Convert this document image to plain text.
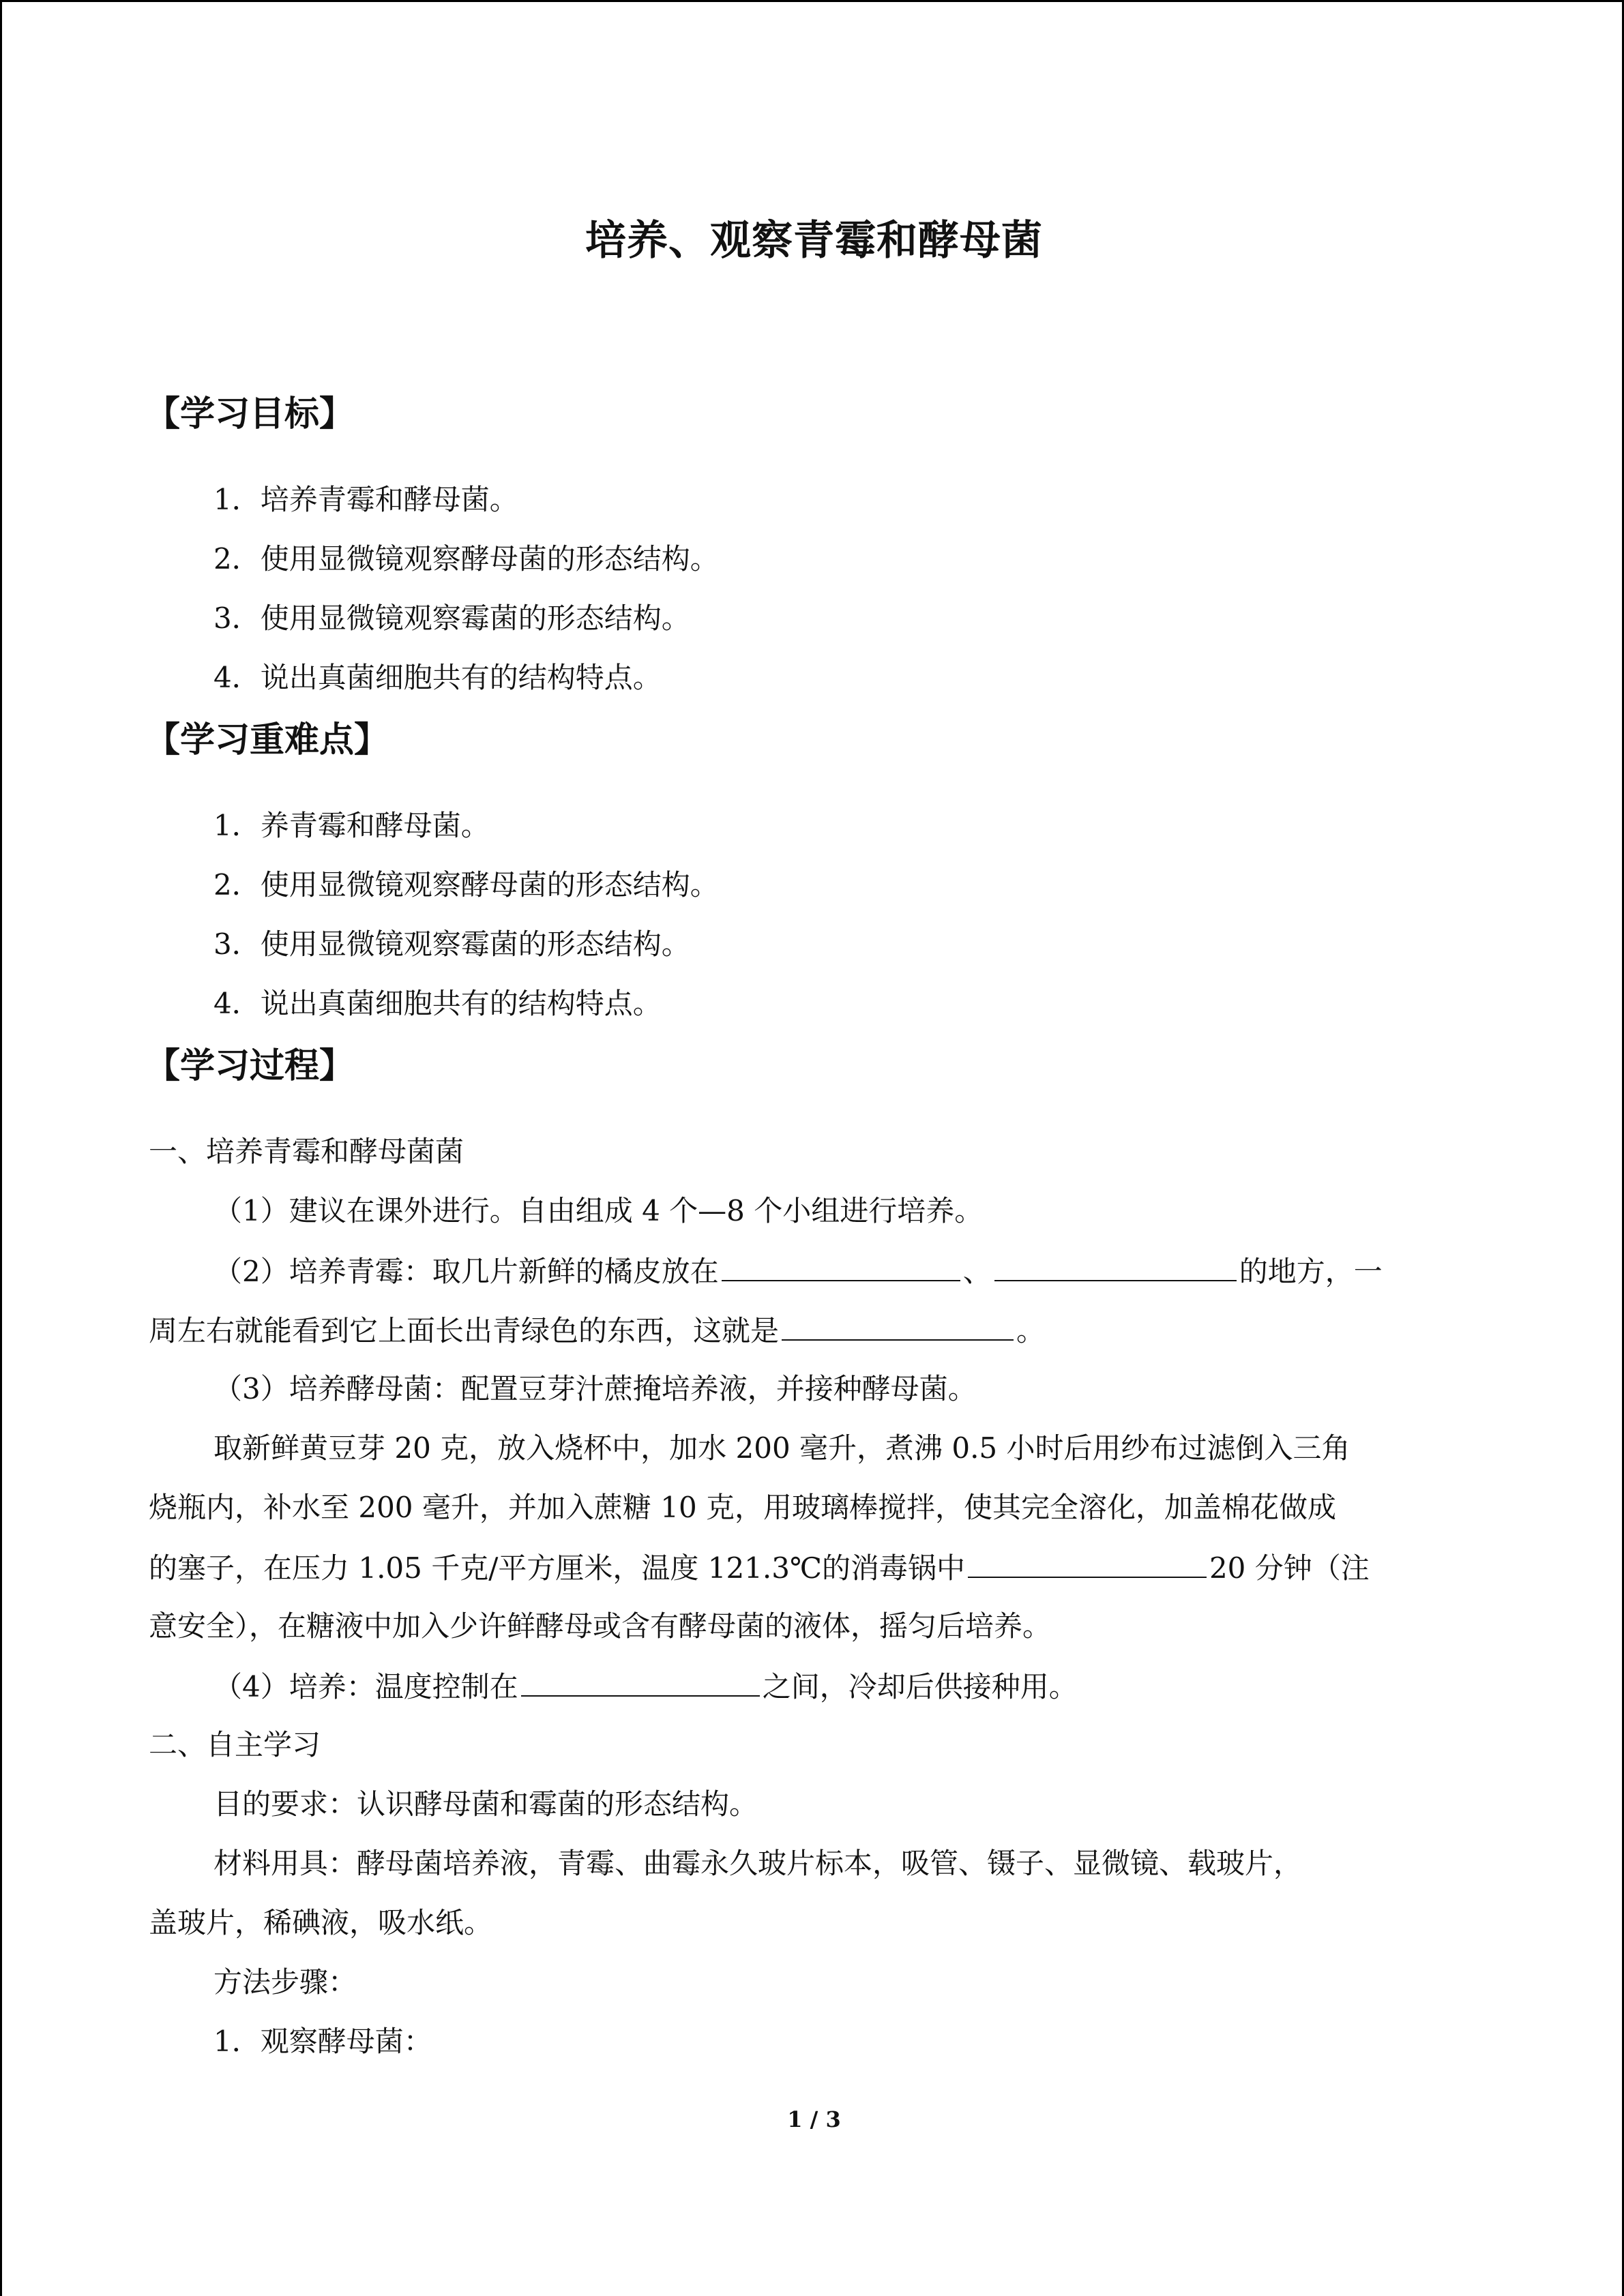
培养、观察青霉和酵母菌
【学习目标】
1．培养青霉和酵母菌。
2．使用显微镜观察酵母菌的形态结构。
3．使用显微镜观察霉菌的形态结构。
4．说出真菌细胞共有的结构特点。
【学习重难点】
1．养青霉和酵母菌。
2．使用显微镜观察酵母菌的形态结构。
3．使用显微镜观察霉菌的形态结构。
4．说出真菌细胞共有的结构特点。
【学习过程】
一、培养青霉和酵母菌菌
（1）建议在课外进行。自由组成 4 个—8 个小组进行培养。
（2）培养青霉：取几片新鲜的橘皮放在	、	的地方，一
周左右就能看到它上面长出青绿色的东西，这就是	。
（3）培养酵母菌：配置豆芽汁蔗掩培养液，并接种酵母菌。
取新鲜黄豆芽 20 克，放入烧杯中，加水 200 毫升，煮沸 0.5 小时后用纱布过滤倒入三角
烧瓶内，补水至 200 毫升，并加入蔗糖 10 克，用玻璃棒搅拌，使其完全溶化，加盖棉花做成
的塞子，在压力 1.05 千克/平方厘米，温度 121.3℃的消毒锅中	20 分钟（注
意安全），在糖液中加入少许鲜酵母或含有酵母菌的液体，摇匀后培养。
（4）培养：温度控制在	之间，冷却后供接种用。
二、自主学习
目的要求：认识酵母菌和霉菌的形态结构。
材料用具：酵母菌培养液，青霉、曲霉永久玻片标本，吸管、镊子、显微镜、载玻片，
盖玻片，稀碘液，吸水纸。
方法步骤：
1．观察酵母菌：
1 / 3
